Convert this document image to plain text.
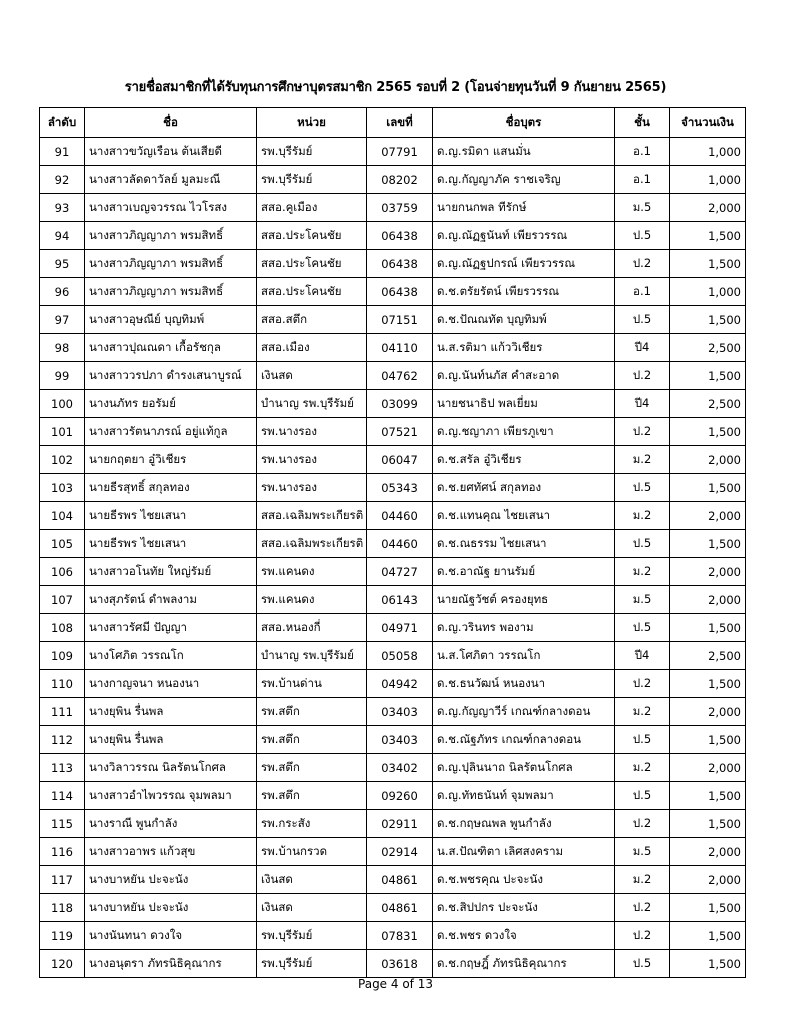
รายชื่อสมาชิกที่ได้รับทุนการศึกษาบุตรสมาชิก 2565 รอบที่ 2 (โอนจ่ายทุนวันที่ 9 กันยายน 2565)
ลำดับ	ชื่อ	หน่วย	เลขที่	ชื่อบุตร	ชั้น	จำนวนเงิน
91	นางสาวขวัญเรือน ต้นเสียดี	รพ.บุรีรัมย์	07791	ด.ญ.รมิดา แสนมั่น	อ.1	1,000
92	นางสาวลัดดาวัลย์ มูลมะณี	รพ.บุรีรัมย์	08202	ด.ญ.กัญญาภัค ราชเจริญ	อ.1	1,000
93	นางสาวเบญจวรรณ ไวโรสง	สสอ.คูเมือง	03759	นายกนกพล ทีรักษ์	ม.5	2,000
94	นางสาวภิญญาภา พรมสิทธิ์	สสอ.ประโคนชัย	06438	ด.ญ.ณัฏฐนันท์ เพียรวรรณ	ป.5	1,500
95	นางสาวภิญญาภา พรมสิทธิ์	สสอ.ประโคนชัย	06438	ด.ญ.ณัฏฐปกรณ์ เพียรวรรณ	ป.2	1,500
96	นางสาวภิญญาภา พรมสิทธิ์	สสอ.ประโคนชัย	06438	ด.ช.ตรัยรัตน์ เพียรวรรณ	อ.1	1,000
97	นางสาวอุษณีย์ บุญทิมพ์	สสอ.สตึก	07151	ด.ช.ปัณณทัต บุญทิมพ์	ป.5	1,500
98	นางสาวปุณณดา เกื้อรัชกุล	สสอ.เมือง	04110	น.ส.รติมา แก้ววิเชียร	ปี4	2,500
99	นางสาววรปภา ดำรงเสนาบูรณ์	เงินสด	04762	ด.ญ.นันท์นภัส คำสะอาด	ป.2	1,500
100	นางนภัทร ยอรัมย์	บำนาญ รพ.บุรีรัมย์	03099	นายชนาธิป พลเยี่ยม	ปี4	2,500
101	นางสาวรัตนาภรณ์ อยู่แท้กูล	รพ.นางรอง	07521	ด.ญ.ชญาภา เพียรภูเขา	ป.2	1,500
102	นายกฤตยา อู๋วิเชียร	รพ.นางรอง	06047	ด.ช.สรัล อู๋วิเชียร	ม.2	2,000
103	นายธีรสุทธิ์ สกุลทอง	รพ.นางรอง	05343	ด.ช.ยศทัศน์ สกุลทอง	ป.5	1,500
104	นายธีรพร ไชยเสนา	สสอ.เฉลิมพระเกียรติ	04460	ด.ช.แทนคุณ ไชยเสนา	ม.2	2,000
105	นายธีรพร ไชยเสนา	สสอ.เฉลิมพระเกียรติ	04460	ด.ช.ณธรรม ไชยเสนา	ป.5	1,500
106	นางสาวอโนทัย ใหญ่รัมย์	รพ.แคนดง	04727	ด.ช.อาณัฐ ยานรัมย์	ม.2	2,000
107	นางสุภรัตน์ ดำพลงาม	รพ.แคนดง	06143	นายณัฐวัชต์ ครองยุทธ	ม.5	2,000
108	นางสาวรัศมี ปัญญา	สสอ.หนองกี่	04971	ด.ญ.วรินทร พองาม	ป.5	1,500
109	นางโศภิต วรรณโก	บำนาญ รพ.บุรีรัมย์	05058	น.ส.โศภิตา วรรณโก	ปี4	2,500
110	นางกาญจนา หนองนา	รพ.บ้านด่าน	04942	ด.ช.ธนวัฒน์ หนองนา	ป.2	1,500
111	นางยุพิน รื่นพล	รพ.สตึก	03403	ด.ญ.กัญญาวีร์ เกณฑ์กลางดอน	ม.2	2,000
112	นางยุพิน รื่นพล	รพ.สตึก	03403	ด.ช.ณัฐภัทร เกณฑ์กลางดอน	ป.5	1,500
113	นางวิลาวรรณ นิลรัตนโกศล	รพ.สตึก	03402	ด.ญ.ปุลินนาถ นิลรัตนโกศล	ม.2	2,000
114	นางสาวอำไพวรรณ จุมพลมา	รพ.สตึก	09260	ด.ญ.ทัทธนันท์ จุมพลมา	ป.5	1,500
115	นางราณี พูนกำลัง	รพ.กระสัง	02911	ด.ช.กฤษณพล พูนกำลัง	ป.2	1,500
116	นางสาวอาพร แก้วสุข	รพ.บ้านกรวด	02914	น.ส.ปัณฑิตา เลิศสงคราม	ม.5	2,000
117	นางบาหยัน ปะจะนัง	เงินสด	04861	ด.ช.พชรคุณ ปะจะนัง	ม.2	2,000
118	นางบาหยัน ปะจะนัง	เงินสด	04861	ด.ช.สิปปกร ปะจะนัง	ป.2	1,500
119	นางนันทนา ดวงใจ	รพ.บุรีรัมย์	07831	ด.ช.พชร ดวงใจ	ป.2	1,500
120	นางอนุตรา ภัทรนิธิคุณากร	รพ.บุรีรัมย์	03618	ด.ช.กฤษฎิ์ ภัทรนิธิคุณากร	ป.5	1,500
Page 4 of 13
